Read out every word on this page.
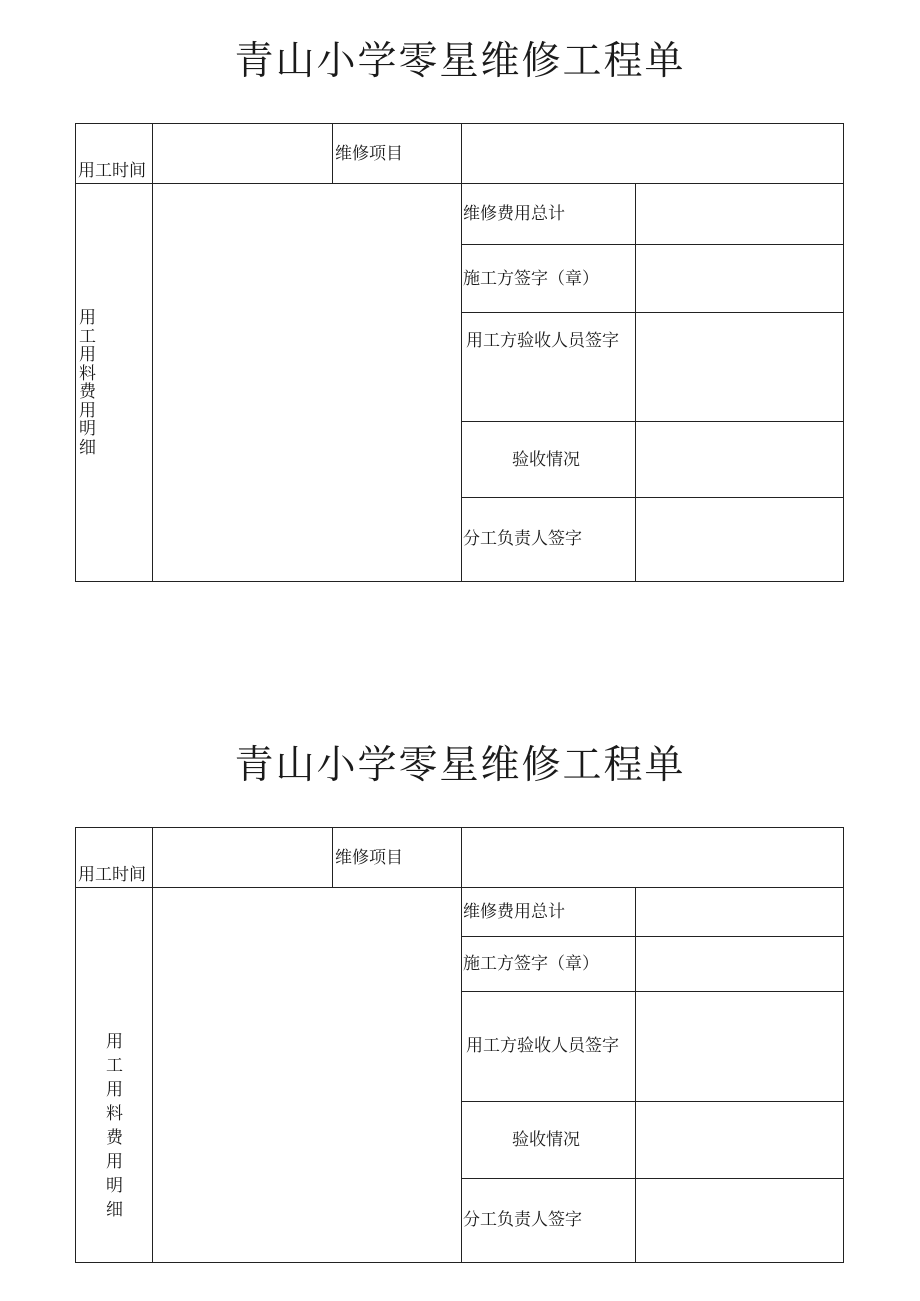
青山小学零星维修工程单
用工时间
维修项目
用工用料费用明细
维修费用总计
施工方签字（章）
用工方验收人员签字
验收情况
分工负责人签字
青山小学零星维修工程单
用工时间
维修项目
用工用料费用明细
维修费用总计
施工方签字（章）
用工方验收人员签字
验收情况
分工负责人签字
